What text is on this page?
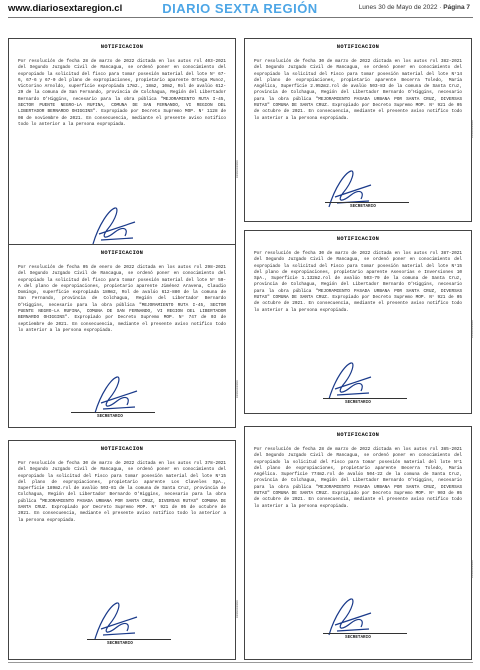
www.diariosextaregion.cl	DIARIO SEXTA REGIÓN	Lunes 30 de Mayo de 2022 · Página 7
NOTIFICACION

Por resolución de fecha 28 de marzo de 2022 dictada en los autos rol 403-2021 del Segundo Juzgado Civil de Rancagua, se ordenó poner en conocimiento del expropiado la solicitud del fisco para tomar posesión material del lote N° 67-6, 67-6 y 67-0 del plano de expropiaciones, propietario aparente Ortega Munoz, Victorino Arnoldo, superficie expropiada 17m2., 18m2, 10m2, Rol de avalúo 612-29 de la comuna de San Fernando, provincia de Colchagua, Región del Libertador Bernardo O'Higgins, necesario para la obra pública "MEJORAMIENTO RUTA I-45, SECTOR PUENTE NEGRO-LA RUFINA, COMUNA DE SAN FERNANDO, VI REGION DEL LIBERTADOR BERNARDO OHIGGINS". Expropiado por Decreto Supremo MOP. N° 1128 de 08 de noviembre de 2021. En consecuencia, mediante el presente aviso notifico todo lo anterior a la persona expropiada.

0000000000
NOTIFICACION

Por resolución de fecha 30 de marzo de 2022 dictada en los autos rol 382-2021 del Segundo Juzgado Civil de Rancagua, se ordenó poner en conocimiento del expropiado la solicitud del Fisco para tomar posesión material del lote N°14 del plano de expropiaciones, propietario aparente Becerra Toledo, María Angélica, Superficie 2.952m2.rol de avalúo 503-83 de la comuna de Santa Cruz, provincia de Colchagua, Región del Libertador Bernardo O'Higgins, necesario para la obra pública "MEJORAMIENTO PASADA URBANA POR SANTA CRUZ, DIVERSAS RUTAS" COMUNA DE SANTA CRUZ. Expropiado por Decreto Supremo MOP. N° 921 de 05 de octubre de 2021. En consecuencia, mediante el presente aviso notifico todo lo anterior a la persona expropiada.

SECRETARIO
0000000000
NOTIFICACION

Por resolución de fecha 05 de enero de 2022 dictada en los autos rol 298-2021 del Segundo Juzgado Civil de Rancagua, se ordenó poner en conocimiento del expropiado la solicitud del fisco para tomar posesión material del lote N° 59-A del plano de expropiaciones, propietario aparente Jiménez Aravena, Claudio Domingo, superficie expropiada 180m2, Rol de avalúo 612-880 de la comuna de San Fernando, provincia de Colchagua, Región del Libertador Bernardo O'Higgins, necesario para la obra pública "MEJORAMIENTO RUTA I-45, SECTOR PUENTE NEGRO-LA RUFINA, COMUNA DE SAN FERNANDO, VI REGION DEL LIBERTADOR BERNARDO OHIGGINS". Expropiado por Decreto Supremo MOP. N° 747 de 03 de septiembre de 2021. En consecuencia, mediante el presente aviso notifico todo lo anterior a la persona expropiada.

SECRETARIO
0000000000
NOTIFICACION

Por resolución de fecha 30 de marzo de 2022 dictada en los autos rol 387-2021 del Segundo Juzgado Civil de Rancagua, se ordenó poner en conocimiento del expropiado la solicitud del Fisco para tomar posesión material del lote N°15 del plano de expropiaciones, propietario aparente Asesorías e Inversiones 10 SpA., Superficie 1.132m2.rol de avalúo 503-79 de la comuna de Santa Cruz, provincia de Colchagua, Región del Libertador Bernardo O'Higgins, necesario para la obra pública "MEJORAMIENTO PASADA URBANA POR SANTA CRUZ, DIVERSAS RUTAS" COMUNA DE SANTA CRUZ. Expropiado por Decreto Supremo MOP. N° 921 de 05 de octubre de 2021. En consecuencia, mediante el presente aviso notifico todo lo anterior a la persona expropiada.

SECRETARIO
0000000000
NOTIFICACION

Por resolución de fecha 30 de marzo de 2022 dictada en los autos rol 378-2021 del Segundo Juzgado Civil de Rancagua, se ordenó poner en conocimiento del expropiado la solicitud del Fisco para tomar posesión material del lote N°15 del plano de expropiaciones, propietario aparente Los Claveles SpA., Superficie 189m2.rol de avalúo 503-81 de la comuna de Santa Cruz, provincia de Colchagua, Región del Libertador Bernardo O'Higgins, necesario para la obra pública "MEJORAMIENTO PASADA URBANA POR SANTA CRUZ, DIVERSAS RUTAS" COMUNA DE SANTA CRUZ. Expropiado por Decreto Supremo MOP. N° 921 de 05 de octubre de 2021. En consecuencia, mediante el presente aviso notifico todo lo anterior a la persona expropiada.

SECRETARIO
0000000000
NOTIFICACION

Por resolución de fecha 28 de marzo de 2022 dictada en los autos rol 385-2021 del Segundo Juzgado Civil de Rancagua, se ordenó poner en conocimiento del expropiado la solicitud del Fisco para tomar posesión material del lote N°1 del plano de expropiaciones, propietario aparente Becerra Toledo, María Angélica. Superficie 774m2.rol de avalúo 504-22 de la comuna de Santa Cruz, provincia de Colchagua, Región del Libertador Bernardo O'Higgins, necesario para la obra pública "MEJORAMIENTO PASADA URBANA POR SANTA CRUZ, DIVERSAS RUTAS" COMUNA DE SANTA CRUZ. Expropiado por Decreto Supremo MOP. N° 903 de 05 de octubre de 2021. En consecuencia, mediante el presente aviso notifico todo lo anterior a la persona expropiada.

SECRETARIO
0000000000
